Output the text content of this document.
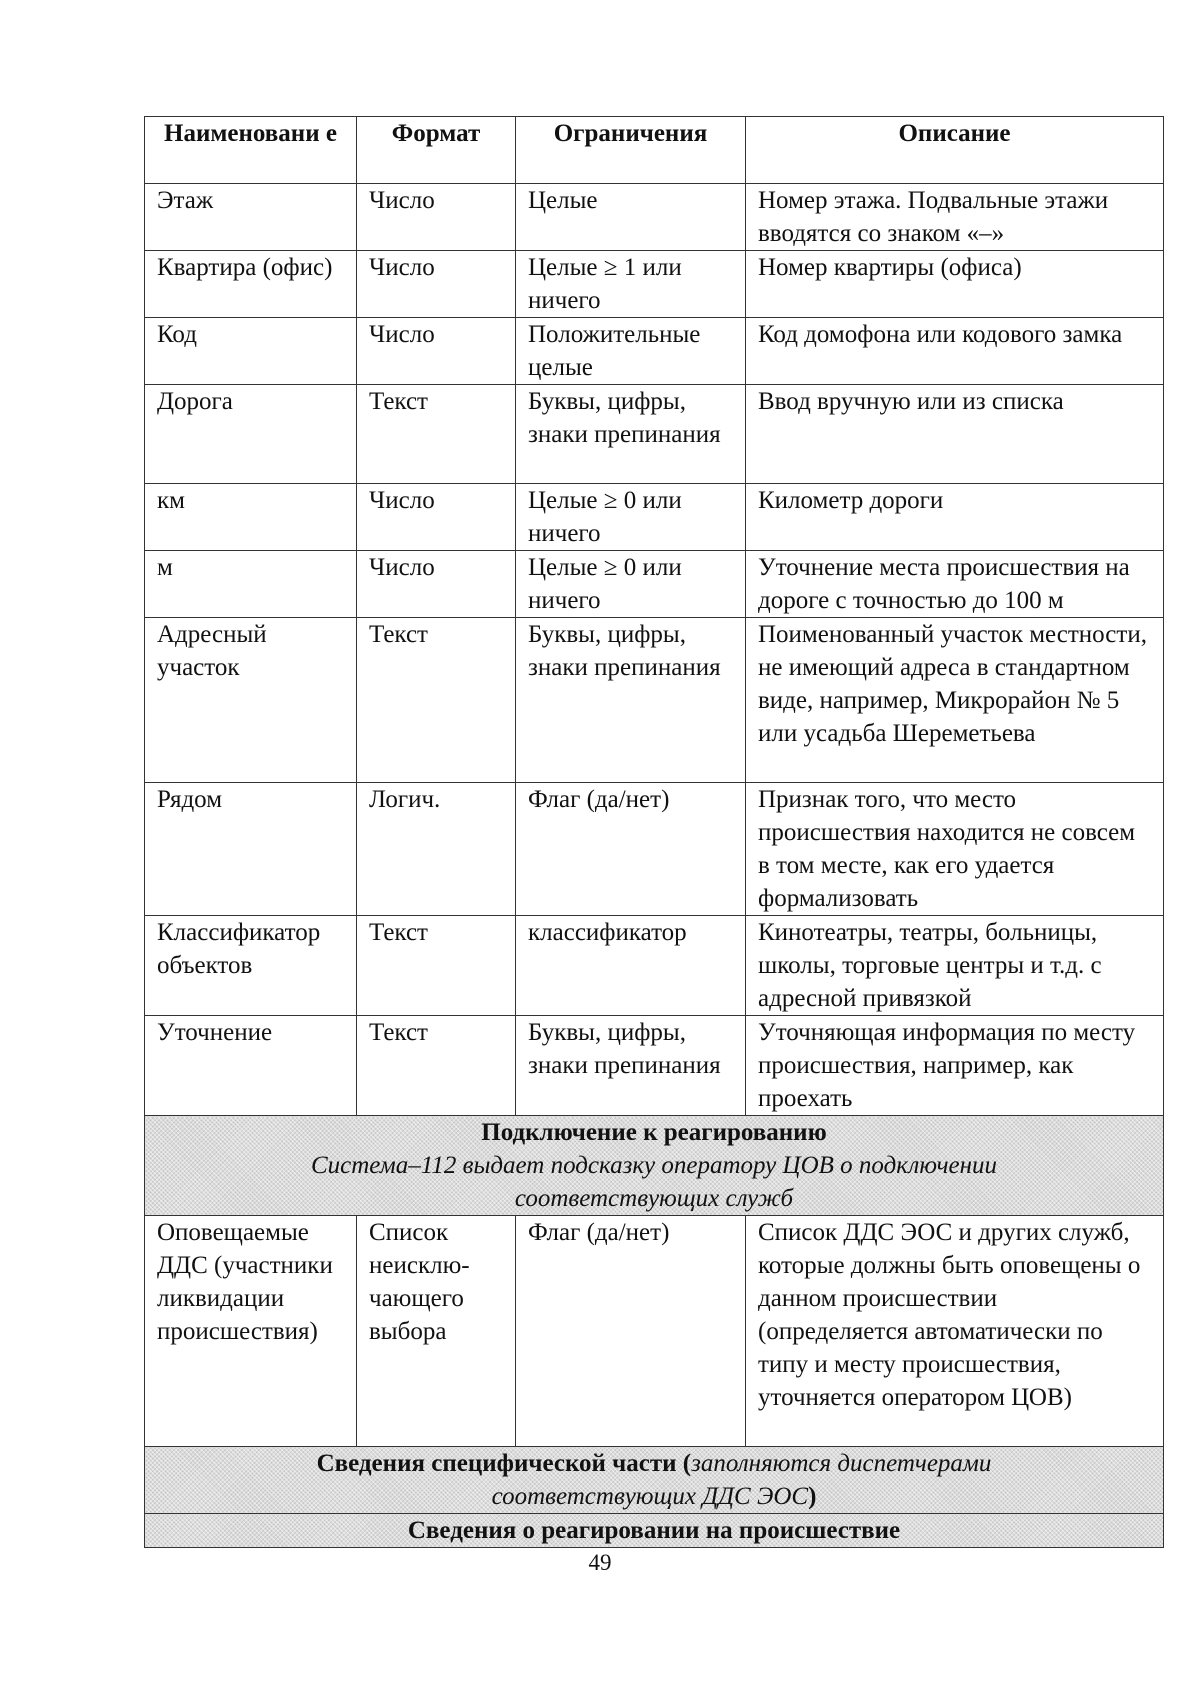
Наименовани е	Формат	Ограничения	Описание
Этаж	Число	Целые	Номер этажа. Подвальные этажи вводятся со знаком «–»
Квартира (офис)	Число	Целые ≥ 1 или ничего	Номер квартиры (офиса)
Код	Число	Положительные целые	Код домофона или кодового замка
Дорога	Текст	Буквы, цифры, знаки препинания	Ввод вручную или из списка
км	Число	Целые ≥ 0 или ничего	Километр дороги
м	Число	Целые ≥ 0 или ничего	Уточнение места происшествия на дороге с точностью до 100 м
Адресный участок	Текст	Буквы, цифры, знаки препинания	Поименованный участок местности, не имеющий адреса в стандартном виде, например, Микрорайон № 5 или усадьба Шереметьева
Рядом	Логич.	Флаг (да/нет)	Признак того, что место происшествия находится не совсем в том месте, как его удается формализовать
Классификатор объектов	Текст	классификатор	Кинотеатры, театры, больницы, школы, торговые центры и т.д. с адресной привязкой
Уточнение	Текст	Буквы, цифры, знаки препинания	Уточняющая информация по месту происшествия, например, как проехать

Подключение к реагированию
Система–112 выдает подсказку оператору ЦОВ о подключении соответствующих служб			

Оповещаемые ДДС (участники ликвидации происшествия)	Список неисклю-чающего выбора	Флаг (да/нет)	Список ДДС ЭОС и других служб, которые должны быть оповещены о данном происшествии (определяется автоматически по типу и месту происшествия, уточняется оператором ЦОВ)
Сведения специфической части (заполняются диспетчерами соответствующих ДДС ЭОС)			
Сведения о реагировании на происшествие			
49
